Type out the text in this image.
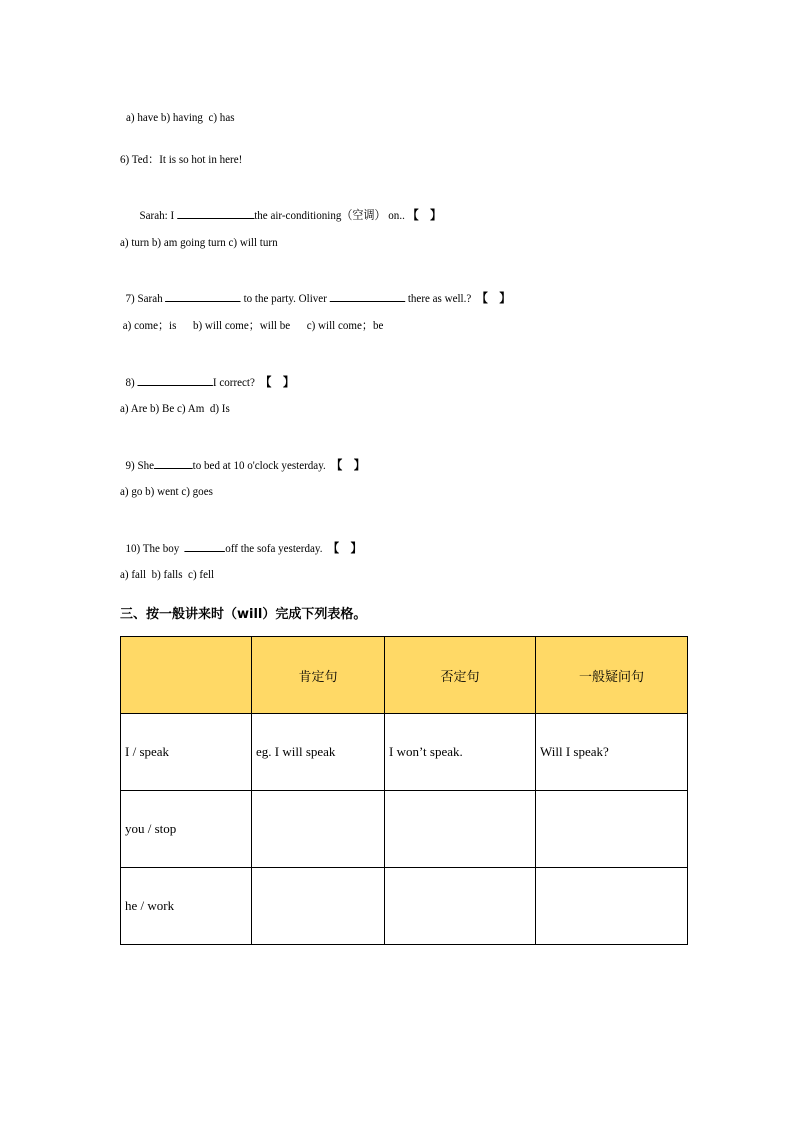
a) have b) having  c) has
6) Ted：It is so hot in here!

Sarah: I	the air-conditioning（空调） on.. 【   】

a) turn b) am going turn c) will turn

7) Sarah	to the party. Oliver	there as well.?  【   】

a) come；is      b) will come；will be      c) will come；be

8)	I correct?  【   】

a) Are b) Be c) Am  d) Is

9) She	to bed at 10 o'clock yesterday.  【   】

a) go b) went c) goes

10) The boy	off the sofa yesterday.  【   】

a) fall  b) falls  c) fell
三、按一般讲来时（will）完成下列表格。
	肯定句	否定句	一般疑问句
I / speak	eg. I will speak	I won’t speak.	Will I speak?
you / stop			
he / work			
